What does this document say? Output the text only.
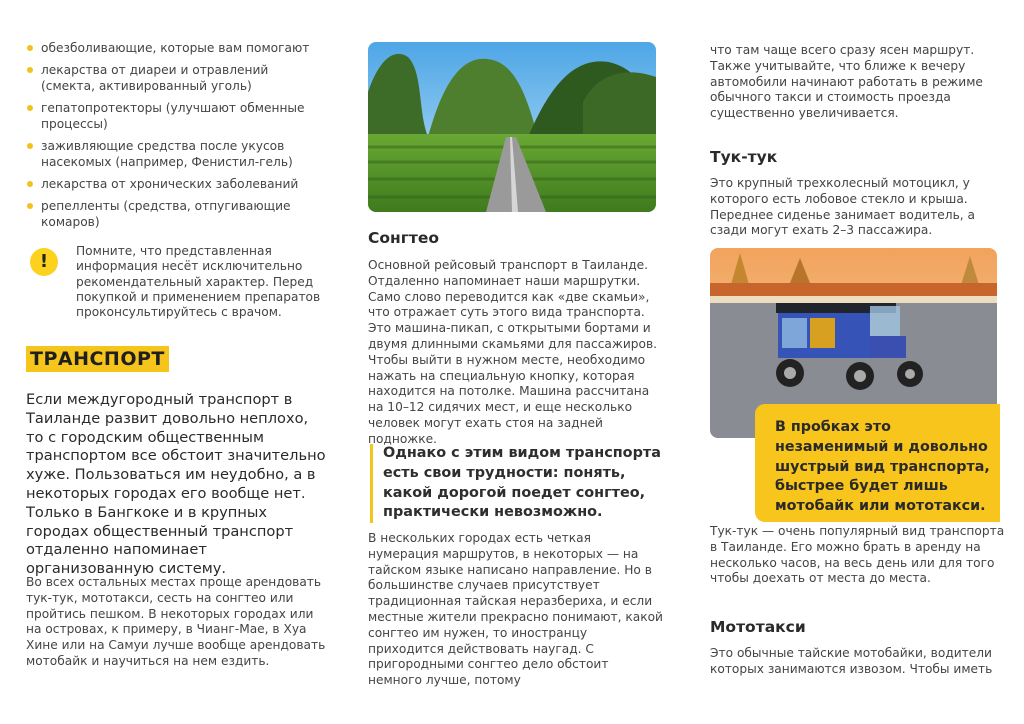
обезболивающие, которые вам помогают
лекарства от диареи и отравлений (смекта, активированный уголь)
гепатопротекторы (улучшают обменные процессы)
заживляющие средства после укусов насекомых (например, Фенистил-гель)
лекарства от хронических заболеваний
репелленты (средства, отпугивающие комаров)
!	Помните, что представленная информация несёт исключительно рекомендательный характер. Перед покупкой и применением препаратов проконсультируйтесь с врачом.
ТРАНСПОРТ
Если междугородный транспорт в Таиланде развит довольно неплохо, то с городским общественным транспортом все обстоит значительно хуже. Пользоваться им неудобно, а в некоторых городах его вообще нет. Только в Бангкоке и в крупных городах общественный транспорт отдаленно напоминает организованную систему.
Во всех остальных местах проще арендовать тук-тук, мототакси, сесть на сонгтео или пройтись пешком. В некоторых городах или на островах, к примеру, в Чианг-Мае, в Хуа Хине или на Самуи лучше вообще арендовать мотобайк и научиться на нем ездить.
Сонгтео
Основной рейсовый транспорт в Таиланде. Отдаленно напоминает наши маршрутки. Само слово переводится как «две скамьи», что отражает суть этого вида транспорта. Это машина-пикап, с открытыми бортами и двумя длинными скамьями для пассажиров. Чтобы выйти в нужном месте, необходимо нажать на специальную кнопку, которая находится на потолке. Машина рассчитана на 10–12 сидячих мест, и еще несколько человек могут ехать стоя на задней подножке.
Однако с этим видом транспорта есть свои трудности: понять, какой дорогой поедет сонгтео, практически невозможно.
В нескольких городах есть четкая нумерация маршрутов, в некоторых — на тайском языке написано направление. Но в большинстве случаев присутствует традиционная тайская неразбериха, и если местные жители прекрасно понимают, какой сонгтео им нужен, то иностранцу приходится действовать наугад. С пригородными сонгтео дело обстоит немного лучше, потому
что там чаще всего сразу ясен маршрут. Также учитывайте, что ближе к вечеру автомобили начинают работать в режиме обычного такси и стоимость проезда существенно увеличивается.
Тук-тук
Это крупный трехколесный мотоцикл, у которого есть лобовое стекло и крыша. Переднее сиденье занимает водитель, а сзади могут ехать 2–3 пассажира.
В пробках это незаменимый и довольно шустрый вид транспорта, быстрее будет лишь мотобайк или мототакси.
Тук-тук — очень популярный вид транспорта в Таиланде. Его можно брать в аренду на несколько часов, на весь день или для того чтобы доехать от места до места.
Мототакси
Это обычные тайские мотобайки, водители которых занимаются извозом. Чтобы иметь
